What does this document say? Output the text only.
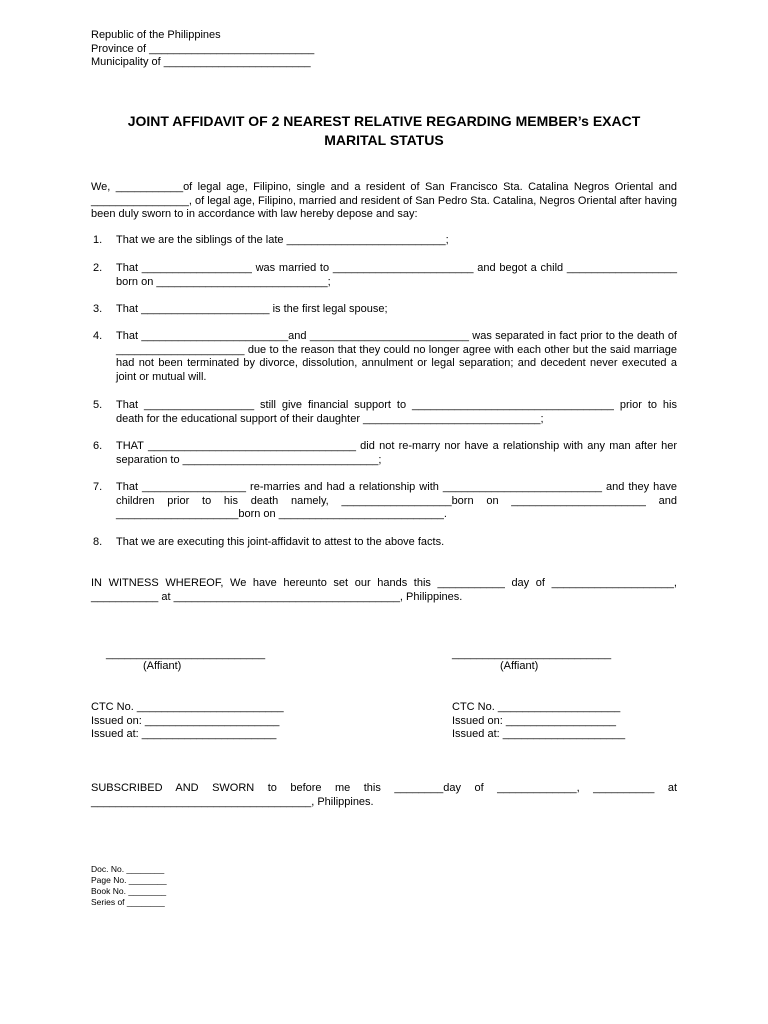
Republic of the Philippines
Province of ___________________________
Municipality of ________________________
JOINT AFFIDAVIT OF 2 NEAREST RELATIVE REGARDING MEMBER’s EXACT
MARITAL STATUS
We, ___________of legal age, Filipino, single and a resident of San Francisco Sta. Catalina Negros Oriental and ________________, of legal age, Filipino, married and resident of San Pedro Sta. Catalina, Negros Oriental after having been duly sworn to in accordance with law hereby depose and say:
1. That we are the siblings of the late __________________________;
2. That __________________ was married to _______________________ and begot a child __________________ born on ____________________________;
3. That _____________________ is the first legal spouse;
4. That ________________________and __________________________ was separated in fact prior to the death of _____________________ due to the reason that they could no longer agree with each other but the said marriage had not been terminated by divorce, dissolution, annulment or legal separation; and decedent never executed a joint or mutual will.
5. That __________________ still give financial support to _________________________________ prior to his death for the educational support of their daughter _____________________________;
6. THAT __________________________________ did not re-marry nor have a relationship with any man after her separation to ________________________________;
7. That _________________ re-marries and had a relationship with __________________________ and they have children prior to his death namely, __________________born on ______________________ and ____________________born on ___________________________.
8. That we are executing this joint-affidavit to attest to the above facts.
IN WITNESS WHEREOF, We have hereunto set our hands this ___________ day of ____________________, ___________ at _____________________________________, Philippines.
__________________________
(Affiant)
__________________________
(Affiant)
CTC No. ________________________
Issued on: ______________________
Issued at: ______________________
CTC No. ____________________
Issued on: __________________
Issued at: ____________________
SUBSCRIBED AND SWORN to before me this ________day of _____________, __________ at ____________________________________, Philippines.
Doc. No. ________
Page No. ________
Book No. ________
Series of ________
